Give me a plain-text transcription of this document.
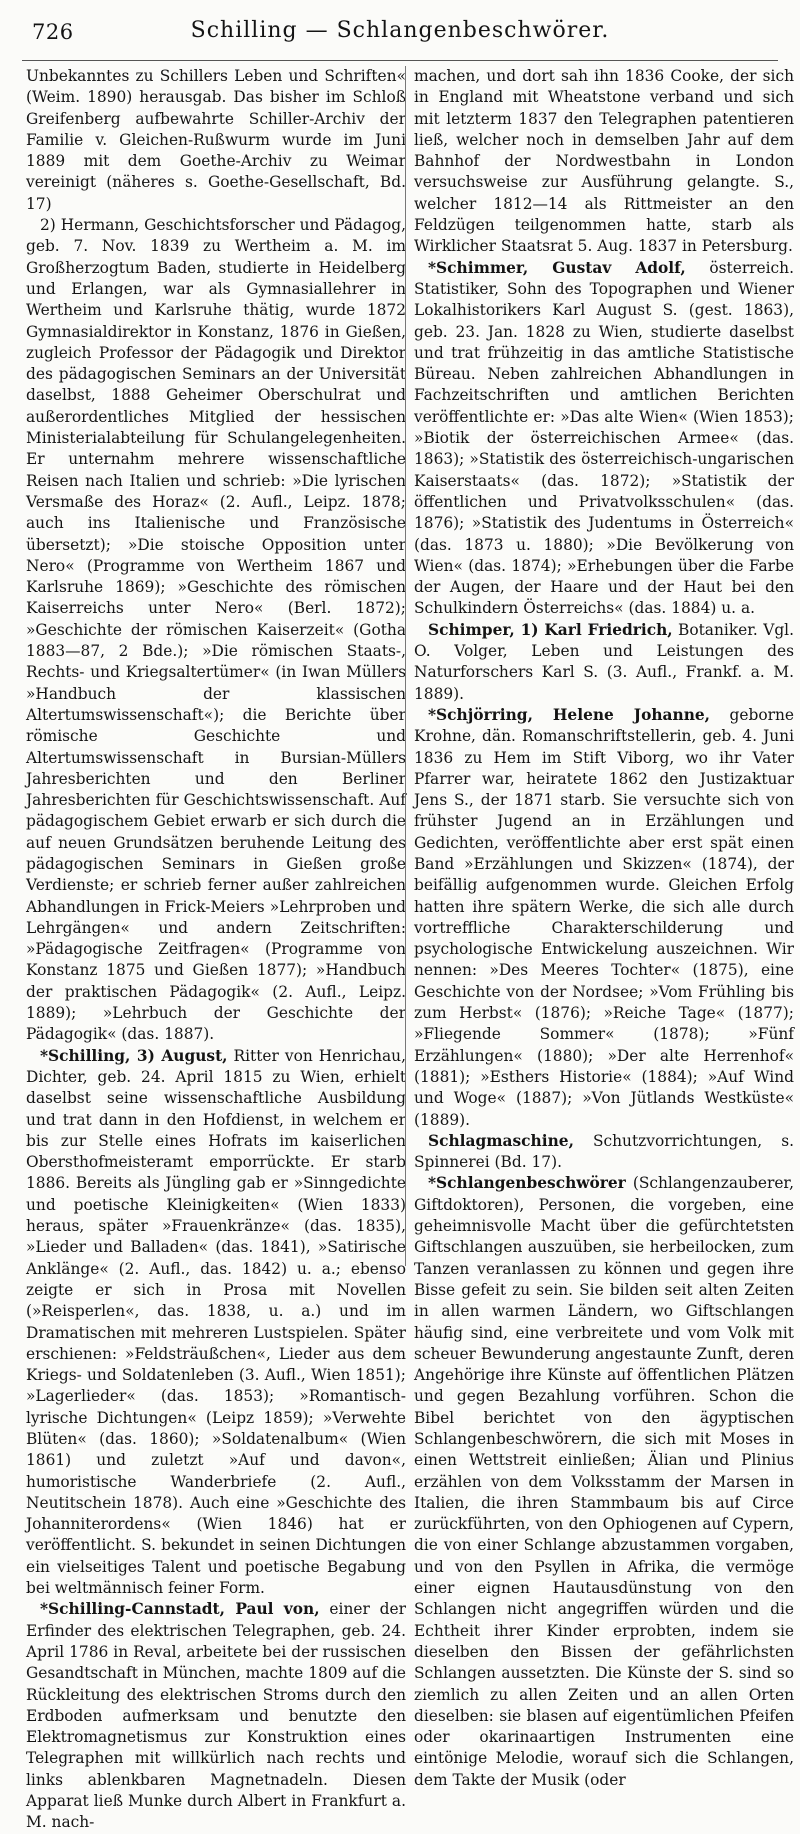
726	Schilling — Schlangenbeschwörer.

Unbekanntes zu Schillers Leben und Schriften« (Weim. 1890) herausgab. Das bisher im Schloß Greifenberg aufbewahrte Schiller-Archiv der Familie v. Gleichen-Rußwurm wurde im Juni 1889 mit dem Goethe-Archiv zu Weimar vereinigt (näheres s. Goethe-Gesellschaft, Bd. 17)

2) Hermann, Geschichtsforscher und Pädagog, geb. 7. Nov. 1839 zu Wertheim a. M. im Großherzogtum Baden, studierte in Heidelberg und Erlangen, war als Gymnasiallehrer in Wertheim und Karlsruhe thätig, wurde 1872 Gymnasialdirektor in Konstanz, 1876 in Gießen, zugleich Professor der Pädagogik und Direktor des pädagogischen Seminars an der Universität daselbst, 1888 Geheimer Oberschulrat und außerordentliches Mitglied der hessischen Ministerialabteilung für Schulangelegenheiten. Er unternahm mehrere wissenschaftliche Reisen nach Italien und schrieb: »Die lyrischen Versmaße des Horaz« (2. Aufl., Leipz. 1878; auch ins Italienische und Französische übersetzt); »Die stoische Opposition unter Nero« (Programme von Wertheim 1867 und Karlsruhe 1869); »Geschichte des römischen Kaiserreichs unter Nero« (Berl. 1872); »Geschichte der römischen Kaiserzeit« (Gotha 1883—87, 2 Bde.); »Die römischen Staats-, Rechts- und Kriegsaltertümer« (in Iwan Müllers »Handbuch der klassischen Altertumswissenschaft«); die Berichte über römische Geschichte und Altertumswissenschaft in Bursian-Müllers Jahresberichten und den Berliner Jahresberichten für Geschichtswissenschaft. Auf pädagogischem Gebiet erwarb er sich durch die auf neuen Grundsätzen beruhende Leitung des pädagogischen Seminars in Gießen große Verdienste; er schrieb ferner außer zahlreichen Abhandlungen in Frick-Meiers »Lehrproben und Lehrgängen« und andern Zeitschriften: »Pädagogische Zeitfragen« (Programme von Konstanz 1875 und Gießen 1877); »Handbuch der praktischen Pädagogik« (2. Aufl., Leipz. 1889); »Lehrbuch der Geschichte der Pädagogik« (das. 1887).

*Schilling, 3) August, Ritter von Henrichau, Dichter, geb. 24. April 1815 zu Wien, erhielt daselbst seine wissenschaftliche Ausbildung und trat dann in den Hofdienst, in welchem er bis zur Stelle eines Hofrats im kaiserlichen Obersthofmeisteramt emporrückte. Er starb 1886. Bereits als Jüngling gab er »Sinngedichte und poetische Kleinigkeiten« (Wien 1833) heraus, später »Frauenkränze« (das. 1835), »Lieder und Balladen« (das. 1841), »Satirische Anklänge« (2. Aufl., das. 1842) u. a.; ebenso zeigte er sich in Prosa mit Novellen (»Reisperlen«, das. 1838, u. a.) und im Dramatischen mit mehreren Lustspielen. Später erschienen: »Feldsträußchen«, Lieder aus dem Kriegs- und Soldatenleben (3. Aufl., Wien 1851); »Lagerlieder« (das. 1853); »Romantisch-lyrische Dichtungen« (Leipz 1859); »Verwehte Blüten« (das. 1860); »Soldatenalbum« (Wien 1861) und zuletzt »Auf und davon«, humoristische Wanderbriefe (2. Aufl., Neutitschein 1878). Auch eine »Geschichte des Johanniterordens« (Wien 1846) hat er veröffentlicht. S. bekundet in seinen Dichtungen ein vielseitiges Talent und poetische Begabung bei weltmännisch feiner Form.

*Schilling-Cannstadt, Paul von, einer der Erfinder des elektrischen Telegraphen, geb. 24. April 1786 in Reval, arbeitete bei der russischen Gesandtschaft in München, machte 1809 auf die Rückleitung des elektrischen Stroms durch den Erdboden aufmerksam und benutzte den Elektromagnetismus zur Konstruktion eines Telegraphen mit willkürlich nach rechts und links ablenkbaren Magnetnadeln. Diesen Apparat ließ Munke durch Albert in Frankfurt a. M. nach-

machen, und dort sah ihn 1836 Cooke, der sich in England mit Wheatstone verband und sich mit letzterm 1837 den Telegraphen patentieren ließ, welcher noch in demselben Jahr auf dem Bahnhof der Nordwestbahn in London versuchsweise zur Ausführung gelangte. S., welcher 1812—14 als Rittmeister an den Feldzügen teilgenommen hatte, starb als Wirklicher Staatsrat 5. Aug. 1837 in Petersburg.

*Schimmer, Gustav Adolf, österreich. Statistiker, Sohn des Topographen und Wiener Lokalhistorikers Karl August S. (gest. 1863), geb. 23. Jan. 1828 zu Wien, studierte daselbst und trat frühzeitig in das amtliche Statistische Büreau. Neben zahlreichen Abhandlungen in Fachzeitschriften und amtlichen Berichten veröffentlichte er: »Das alte Wien« (Wien 1853); »Biotik der österreichischen Armee« (das. 1863); »Statistik des österreichisch-ungarischen Kaiserstaats« (das. 1872); »Statistik der öffentlichen und Privatvolksschulen« (das. 1876); »Statistik des Judentums in Österreich« (das. 1873 u. 1880); »Die Bevölkerung von Wien« (das. 1874); »Erhebungen über die Farbe der Augen, der Haare und der Haut bei den Schulkindern Österreichs« (das. 1884) u. a.

Schimper, 1) Karl Friedrich, Botaniker. Vgl. O. Volger, Leben und Leistungen des Naturforschers Karl S. (3. Aufl., Frankf. a. M. 1889).

*Schjörring, Helene Johanne, geborne Krohne, dän. Romanschriftstellerin, geb. 4. Juni 1836 zu Hem im Stift Viborg, wo ihr Vater Pfarrer war, heiratete 1862 den Justizaktuar Jens S., der 1871 starb. Sie versuchte sich von frühster Jugend an in Erzählungen und Gedichten, veröffentlichte aber erst spät einen Band »Erzählungen und Skizzen« (1874), der beifällig aufgenommen wurde. Gleichen Erfolg hatten ihre spätern Werke, die sich alle durch vortreffliche Charakterschilderung und psychologische Entwickelung auszeichnen. Wir nennen: »Des Meeres Tochter« (1875), eine Geschichte von der Nordsee; »Vom Frühling bis zum Herbst« (1876); »Reiche Tage« (1877); »Fliegende Sommer« (1878); »Fünf Erzählungen« (1880); »Der alte Herrenhof« (1881); »Esthers Historie« (1884); »Auf Wind und Woge« (1887); »Von Jütlands Westküste« (1889).

Schlagmaschine, Schutzvorrichtungen, s. Spinnerei (Bd. 17).

*Schlangenbeschwörer (Schlangenzauberer, Giftdoktoren), Personen, die vorgeben, eine geheimnisvolle Macht über die gefürchtetsten Giftschlangen auszuüben, sie herbeilocken, zum Tanzen veranlassen zu können und gegen ihre Bisse gefeit zu sein. Sie bilden seit alten Zeiten in allen warmen Ländern, wo Giftschlangen häufig sind, eine verbreitete und vom Volk mit scheuer Bewunderung angestaunte Zunft, deren Angehörige ihre Künste auf öffentlichen Plätzen und gegen Bezahlung vorführen. Schon die Bibel berichtet von den ägyptischen Schlangenbeschwörern, die sich mit Moses in einen Wettstreit einließen; Älian und Plinius erzählen von dem Volksstamm der Marsen in Italien, die ihren Stammbaum bis auf Circe zurückführten, von den Ophiogenen auf Cypern, die von einer Schlange abzustammen vorgaben, und von den Psyllen in Afrika, die vermöge einer eignen Hautausdünstung von den Schlangen nicht angegriffen würden und die Echtheit ihrer Kinder erprobten, indem sie dieselben den Bissen der gefährlichsten Schlangen aussetzten. Die Künste der S. sind so ziemlich zu allen Zeiten und an allen Orten dieselben: sie blasen auf eigentümlichen Pfeifen oder okarinaartigen Instrumenten eine eintönige Melodie, worauf sich die Schlangen, dem Takte der Musik (oder
